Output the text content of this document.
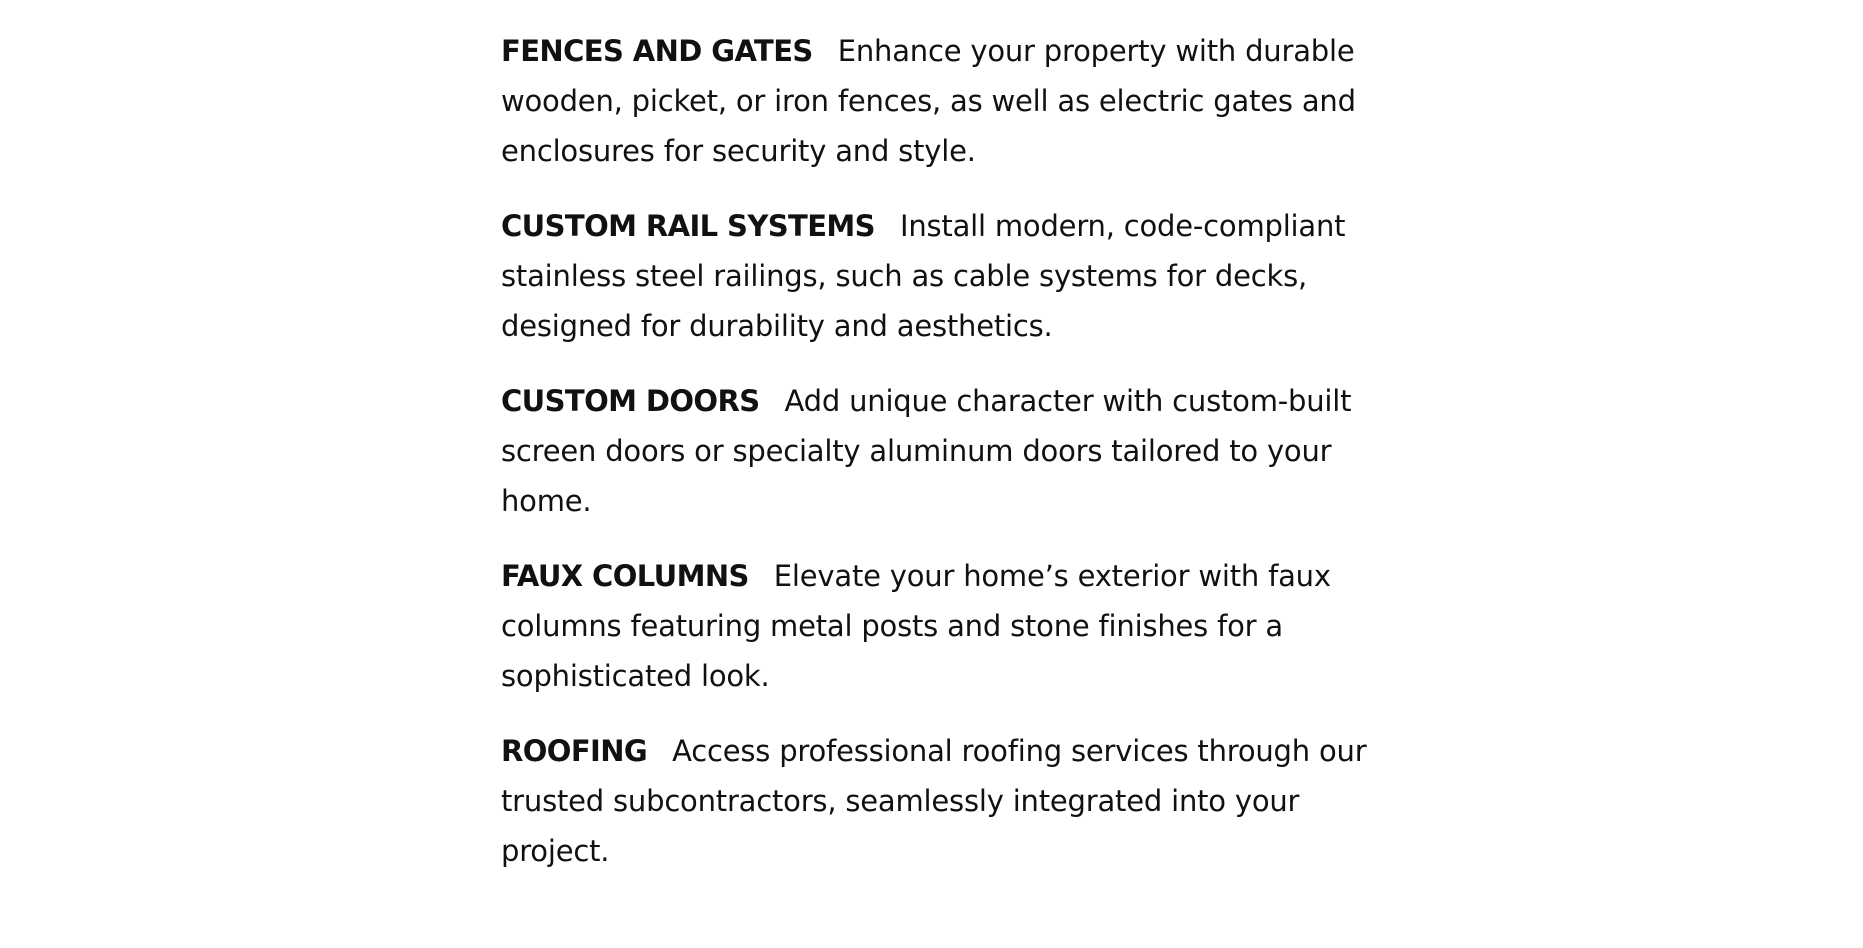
FENCES AND GATES Enhance your property with durable wooden, picket, or iron fences, as well as electric gates and enclosures for security and style.

CUSTOM RAIL SYSTEMS Install modern, code-compliant stainless steel railings, such as cable systems for decks, designed for durability and aesthetics.

CUSTOM DOORS Add unique character with custom-built screen doors or specialty aluminum doors tailored to your home.

FAUX COLUMNS Elevate your home’s exterior with faux columns featuring metal posts and stone finishes for a sophisticated look.

ROOFING Access professional roofing services through our trusted subcontractors, seamlessly integrated into your project.
